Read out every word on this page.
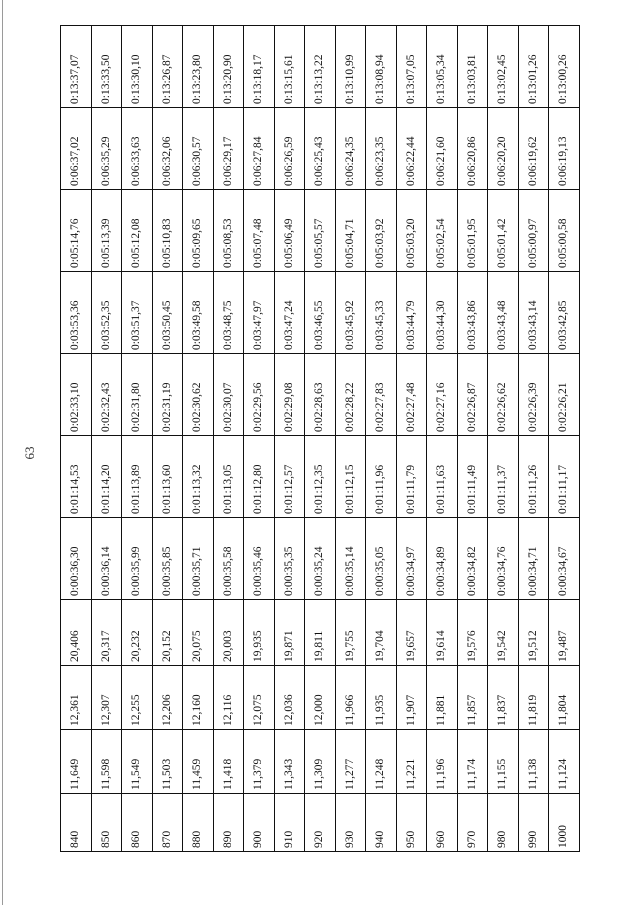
63
840	11,649	12,361	20,406	0:00:36,30	0:01:14,53	0:02:33,10	0:03:53,36	0:05:14,76	0:06:37,02	0:13:37,07
850	11,598	12,307	20,317	0:00:36,14	0:01:14,20	0:02:32,43	0:03:52,35	0:05:13,39	0:06:35,29	0:13:33,50
860	11,549	12,255	20,232	0:00:35,99	0:01:13,89	0:02:31,80	0:03:51,37	0:05:12,08	0:06:33,63	0:13:30,10
870	11,503	12,206	20,152	0:00:35,85	0:01:13,60	0:02:31,19	0:03:50,45	0:05:10,83	0:06:32,06	0:13:26,87
880	11,459	12,160	20,075	0:00:35,71	0:01:13,32	0:02:30,62	0:03:49,58	0:05:09,65	0:06:30,57	0:13:23,80
890	11,418	12,116	20,003	0:00:35,58	0:01:13,05	0:02:30,07	0:03:48,75	0:05:08,53	0:06:29,17	0:13:20,90
900	11,379	12,075	19,935	0:00:35,46	0:01:12,80	0:02:29,56	0:03:47,97	0:05:07,48	0:06:27,84	0:13:18,17
910	11,343	12,036	19,871	0:00:35,35	0:01:12,57	0:02:29,08	0:03:47,24	0:05:06,49	0:06:26,59	0:13:15,61
920	11,309	12,000	19,811	0:00:35,24	0:01:12,35	0:02:28,63	0:03:46,55	0:05:05,57	0:06:25,43	0:13:13,22
930	11,277	11,966	19,755	0:00:35,14	0:01:12,15	0:02:28,22	0:03:45,92	0:05:04,71	0:06:24,35	0:13:10,99
940	11,248	11,935	19,704	0:00:35,05	0:01:11,96	0:02:27,83	0:03:45,33	0:05:03,92	0:06:23,35	0:13:08,94
950	11,221	11,907	19,657	0:00:34,97	0:01:11,79	0:02:27,48	0:03:44,79	0:05:03,20	0:06:22,44	0:13:07,05
960	11,196	11,881	19,614	0:00:34,89	0:01:11,63	0:02:27,16	0:03:44,30	0:05:02,54	0:06:21,60	0:13:05,34
970	11,174	11,857	19,576	0:00:34,82	0:01:11,49	0:02:26,87	0:03:43,86	0:05:01,95	0:06:20,86	0:13:03,81
980	11,155	11,837	19,542	0:00:34,76	0:01:11,37	0:02:26,62	0:03:43,48	0:05:01,42	0:06:20,20	0:13:02,45
990	11,138	11,819	19,512	0:00:34,71	0:01:11,26	0:02:26,39	0:03:43,14	0:05:00,97	0:06:19,62	0:13:01,26
1000	11,124	11,804	19,487	0:00:34,67	0:01:11,17	0:02:26,21	0:03:42,85	0:05:00,58	0:06:19,13	0:13:00,26
